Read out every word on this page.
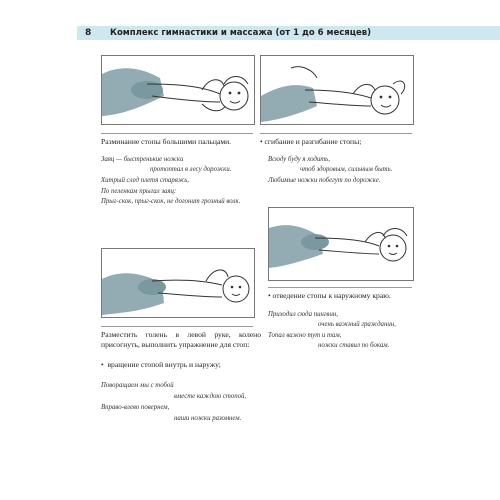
8 Комплекс гимнастики и массажа (от 1 до 6 месяцев)
Разминание стопы большими пальцами.
Заяц — быстренькие ножки
протоптал в лесу дорожки.
Хитрый след плетя старяжь,
По пеленкам прыгал заяц:
Прыг-скок, прыг-скок, не догонит грозный волк.
• сгибание и разгибание стопы;
Всюду буду я ходить,
чтоб здоровым, сильным быть.
Любимые ножки побегут по дорожке.
Разместить голень в левой руке, колено присогнуть, выполнить упражнение для стоп:
•  вращение стопой внутрь и наружу;
Поворащаем мы с тобой
вместе каждою стопой,
Вправо-влево повернем,
наши ножки разомнем.
• отведение стопы к наружному краю.
Приходил сюда пингвин,
очень важный гражданин,
Топал важно тут и там,
ножки ставил по бокам.
